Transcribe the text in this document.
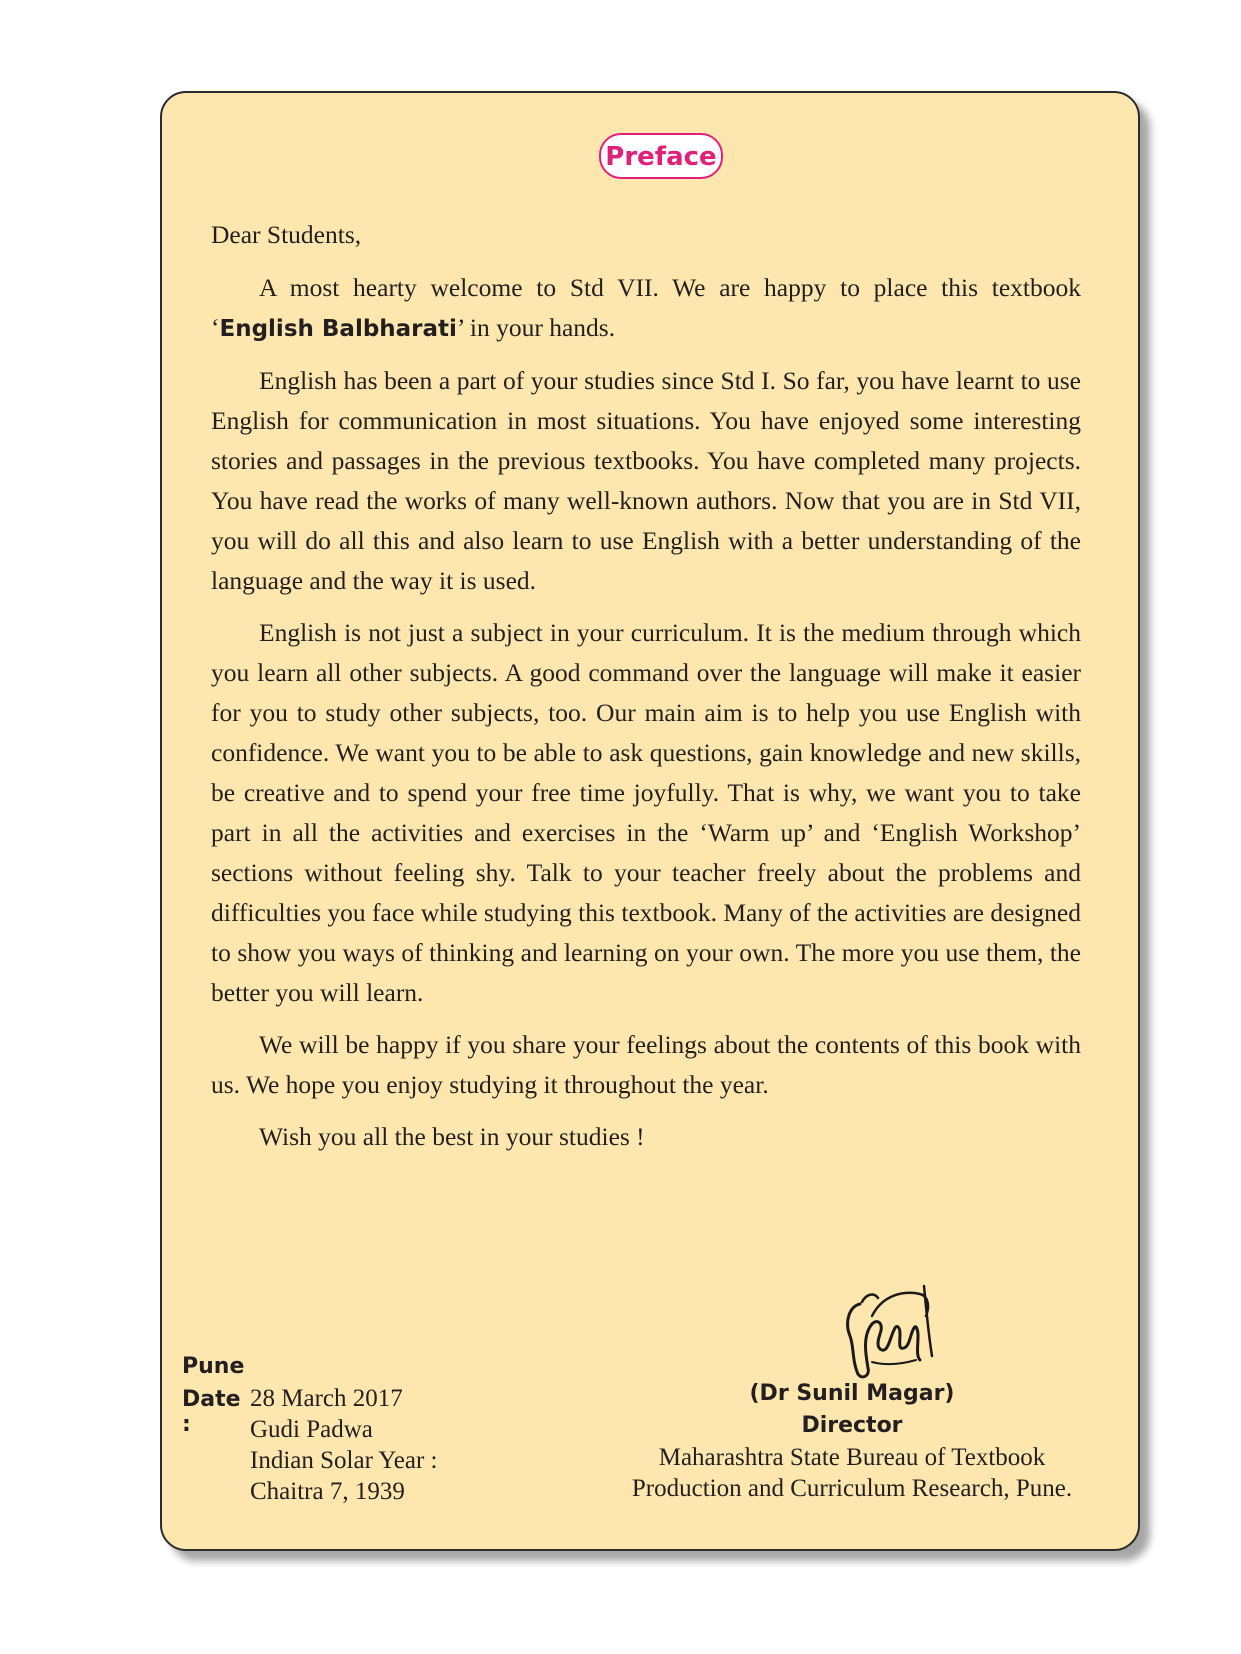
Preface

Dear Students,

A most hearty welcome to Std VII. We are happy to place this textbook ‘English Balbharati’ in your hands.

English has been a part of your studies since Std I. So far, you have learnt to use English for communication in most situations. You have enjoyed some interesting stories and passages in the previous textbooks. You have completed many projects. You have read the works of many well-known authors. Now that you are in Std VII, you will do all this and also learn to use English with a better understanding of the language and the way it is used.

English is not just a subject in your curriculum. It is the medium through which you learn all other subjects. A good command over the language will make it easier for you to study other subjects, too. Our main aim is to help you use English with confidence. We want you to be able to ask questions, gain knowledge and new skills, be creative and to spend your free time joyfully. That is why, we want you to take part in all the activities and exercises in the ‘Warm up’ and ‘English Workshop’ sections without feeling shy. Talk to your teacher freely about the problems and difficulties you face while studying this textbook. Many of the activities are designed to show you ways of thinking and learning on your own. The more you use them, the better you will learn.

We will be happy if you share your feelings about the contents of this book with us. We hope you enjoy studying it throughout the year.

Wish you all the best in your studies !

(Dr Sunil Magar)
Director
Maharashtra State Bureau of Textbook
Production and Curriculum Research, Pune.
Pune
Date :
28 March 2017
Gudi Padwa
Indian Solar Year :
Chaitra 7, 1939
